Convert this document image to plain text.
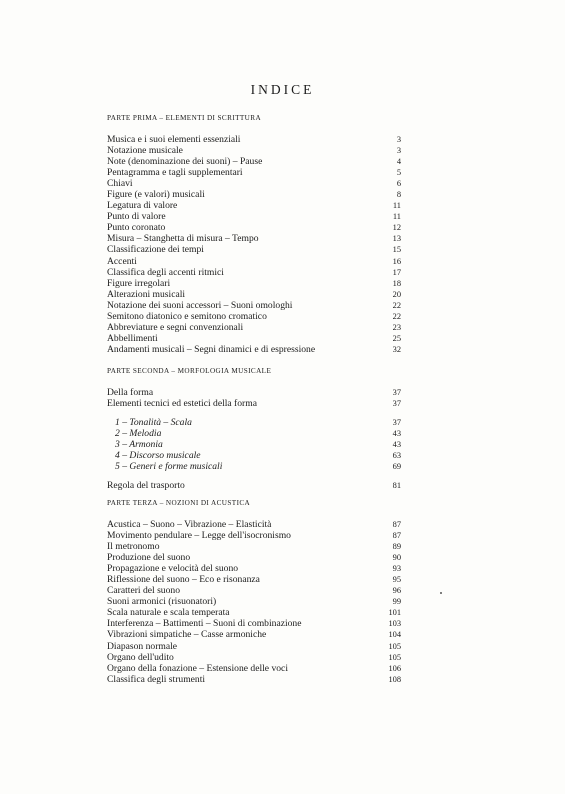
INDICE
PARTE PRIMA – ELEMENTI DI SCRITTURA
Musica e i suoi elementi essenziali	3
Notazione musicale	3
Note (denominazione dei suoni) – Pause	4
Pentagramma e tagli supplementari	5
Chiavi	6
Figure (e valori) musicali	8
Legatura di valore	11
Punto di valore	11
Punto coronato	12
Misura – Stanghetta di misura – Tempo	13
Classificazione dei tempi	15
Accenti	16
Classifica degli accenti ritmici	17
Figure irregolari	18
Alterazioni musicali	20
Notazione dei suoni accessori – Suoni omologhi	22
Semitono diatonico e semitono cromatico	22
Abbreviature e segni convenzionali	23
Abbellimenti	25
Andamenti musicali – Segni dinamici e di espressione	32
PARTE SECONDA – MORFOLOGIA MUSICALE
Della forma	37
Elementi tecnici ed estetici della forma	37
1 – Tonalità – Scala	37
2 – Melodia	43
3 – Armonia	43
4 – Discorso musicale	63
5 – Generi e forme musicali	69
Regola del trasporto	81
PARTE TERZA – NOZIONI DI ACUSTICA
Acustica – Suono – Vibrazione – Elasticità	87
Movimento pendulare – Legge dell'isocronismo	87
Il metronomo	89
Produzione del suono	90
Propagazione e velocità del suono	93
Riflessione del suono – Eco e risonanza	95
Caratteri del suono	96
Suoni armonici (risuonatori)	99
Scala naturale e scala temperata	101
Interferenza – Battimenti – Suoni di combinazione	103
Vibrazioni simpatiche – Casse armoniche	104
Diapason normale	105
Organo dell'udito	105
Organo della fonazione – Estensione delle voci	106
Classifica degli strumenti	108
